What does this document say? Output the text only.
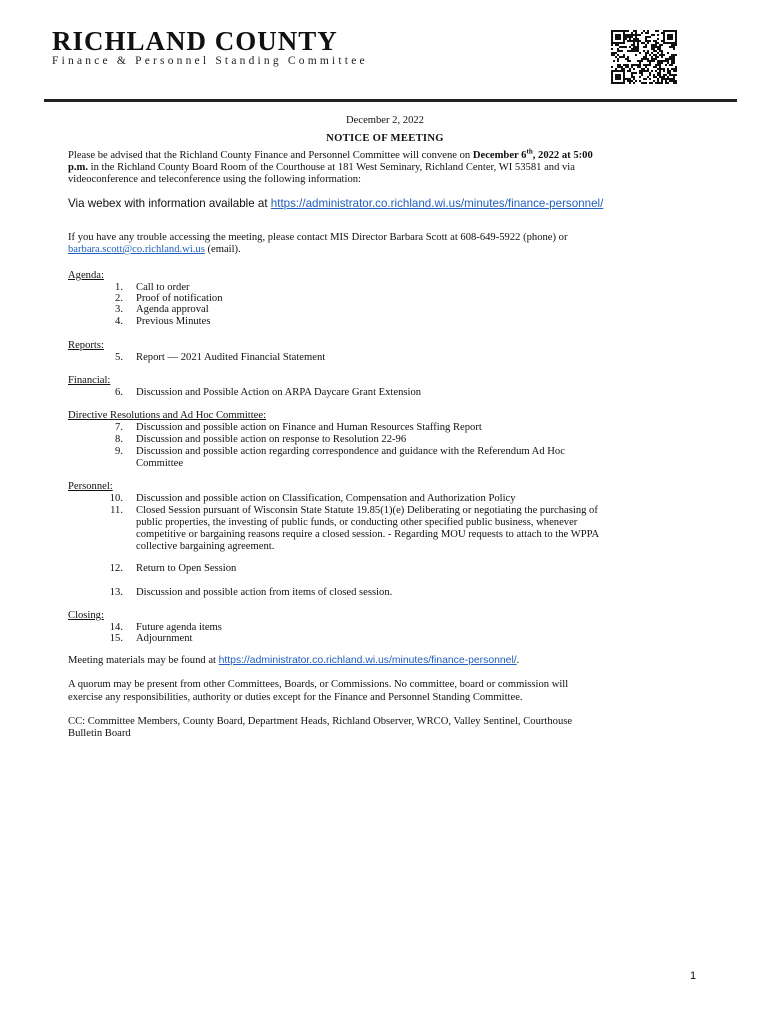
RICHLAND COUNTY
Finance & Personnel Standing Committee
December 2, 2022
NOTICE OF MEETING
Please be advised that the Richland County Finance and Personnel Committee will convene on December 6th, 2022 at 5:00
p.m. in the Richland County Board Room of the Courthouse at 181 West Seminary, Richland Center, WI 53581 and via
videoconference and teleconference using the following information:
Via webex with information available at https://administrator.co.richland.wi.us/minutes/finance-personnel/
If you have any trouble accessing the meeting, please contact MIS Director Barbara Scott at 608-649-5922 (phone) or
barbara.scott@co.richland.wi.us (email).
Agenda:
1. Call to order
2. Proof of notification
3. Agenda approval
4. Previous Minutes
Reports:
5. Report — 2021 Audited Financial Statement
Financial:
6. Discussion and Possible Action on ARPA Daycare Grant Extension
Directive Resolutions and Ad Hoc Committee:
7. Discussion and possible action on Finance and Human Resources Staffing Report
8. Discussion and possible action on response to Resolution 22-96
9. Discussion and possible action regarding correspondence and guidance with the Referendum Ad Hoc
Committee
Personnel:
10. Discussion and possible action on Classification, Compensation and Authorization Policy
11. Closed Session pursuant of Wisconsin State Statute 19.85(1)(e) Deliberating or negotiating the purchasing of
public properties, the investing of public funds, or conducting other specified public business, whenever
competitive or bargaining reasons require a closed session. - Regarding MOU requests to attach to the WPPA
collective bargaining agreement.
12. Return to Open Session
13. Discussion and possible action from items of closed session.
Closing:
14. Future agenda items
15. Adjournment
Meeting materials may be found at https://administrator.co.richland.wi.us/minutes/finance-personnel/.
A quorum may be present from other Committees, Boards, or Commissions. No committee, board or commission will
exercise any responsibilities, authority or duties except for the Finance and Personnel Standing Committee.
CC: Committee Members, County Board, Department Heads, Richland Observer, WRCO, Valley Sentinel, Courthouse
Bulletin Board
1
